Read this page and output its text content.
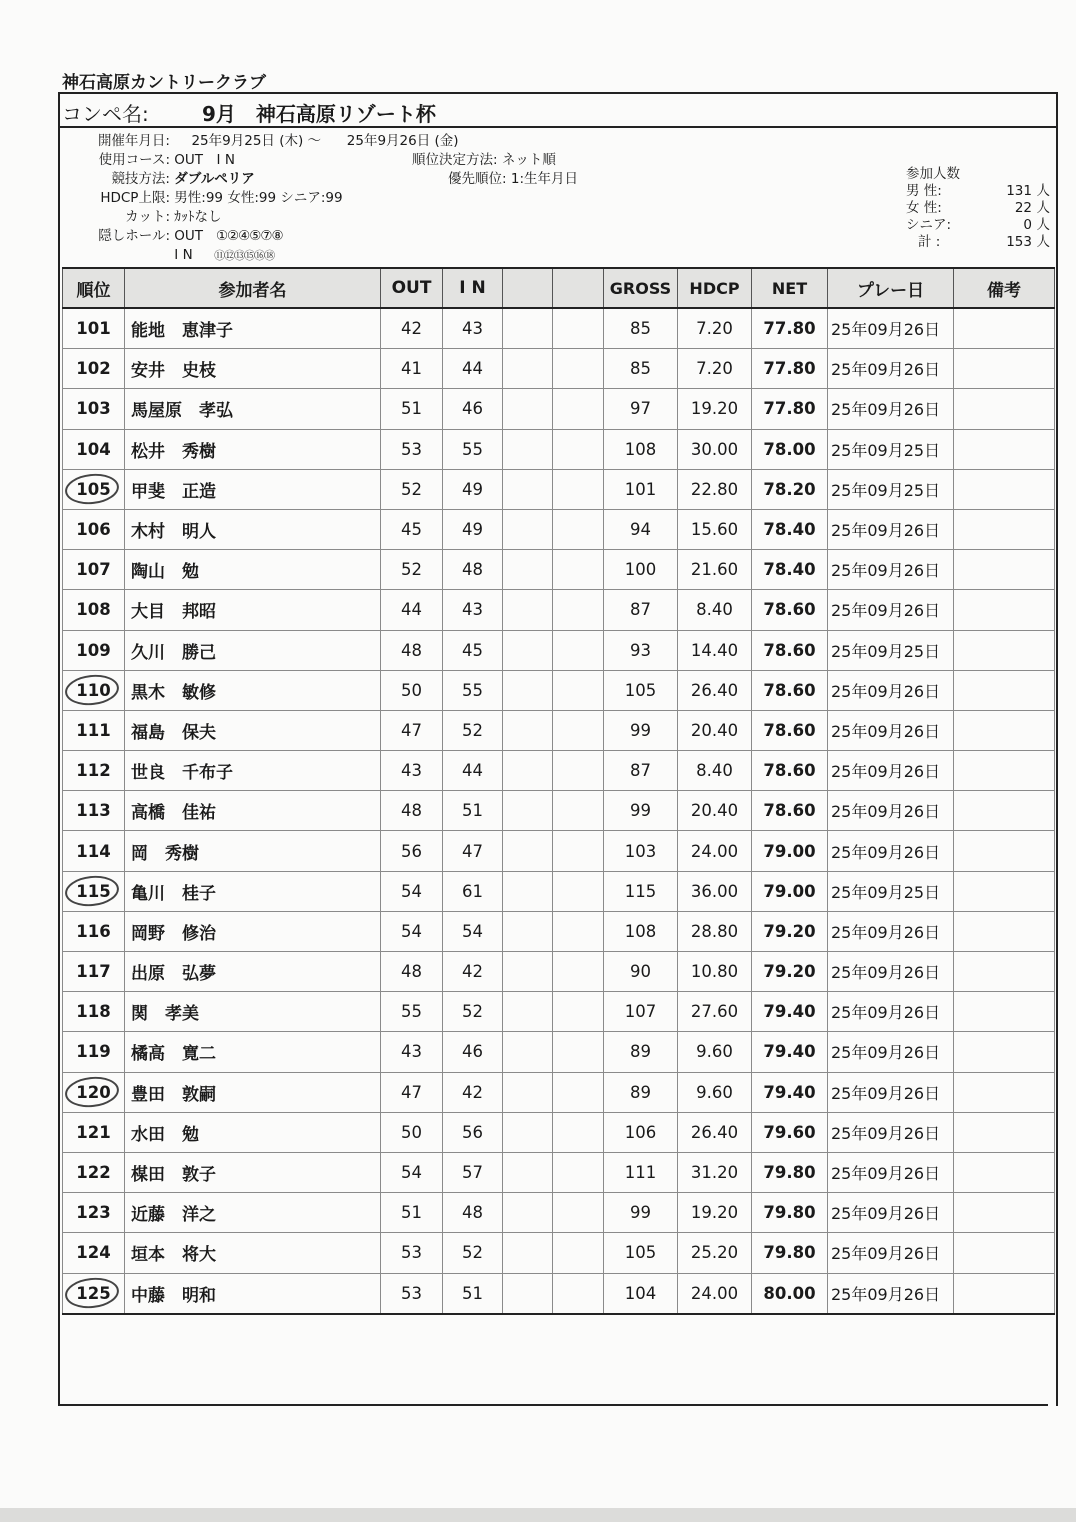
神石高原カントリークラブ
コンペ名:	9月　神石高原リゾート杯
開催年月日: 25年9月25日 (木) ～ 25年9月26日 (金)
使用コース: OUT　I N
競技方法: ダブルペリア
HDCP上限: 男性:99 女性:99 シニア:99
カット: ｶｯﾄなし
隠しホール: OUT ①②④⑤⑦⑧
I N ⑪⑫⑬⑮⑯⑱
順位決定方法: ネット順
優先順位: 1:生年月日	参加人数
男 性:	131 人
女 性:	22 人
シニア:	0 人
計 :	153 人
順位	参加者名	OUT	I N			GROSS	HDCP	NET	プレー日	備考
101	能地　恵津子	42	43			85	7.20	77.80	25年09月26日	
102	安井　史枝	41	44			85	7.20	77.80	25年09月26日	
103	馬屋原　孝弘	51	46			97	19.20	77.80	25年09月26日	
104	松井　秀樹	53	55			108	30.00	78.00	25年09月25日	
105	甲斐　正造	52	49			101	22.80	78.20	25年09月25日	
106	木村　明人	45	49			94	15.60	78.40	25年09月26日	
107	陶山　勉	52	48			100	21.60	78.40	25年09月26日	
108	大目　邦昭	44	43			87	8.40	78.60	25年09月26日	
109	久川　勝己	48	45			93	14.40	78.60	25年09月25日	
110	黒木　敏修	50	55			105	26.40	78.60	25年09月26日	
111	福島　保夫	47	52			99	20.40	78.60	25年09月26日	
112	世良　千布子	43	44			87	8.40	78.60	25年09月26日	
113	高橋　佳祐	48	51			99	20.40	78.60	25年09月26日	
114	岡　秀樹	56	47			103	24.00	79.00	25年09月26日	
115	亀川　桂子	54	61			115	36.00	79.00	25年09月25日	
116	岡野　修治	54	54			108	28.80	79.20	25年09月26日	
117	出原　弘夢	48	42			90	10.80	79.20	25年09月26日	
118	関　孝美	55	52			107	27.60	79.40	25年09月26日	
119	橘高　寛二	43	46			89	9.60	79.40	25年09月26日	
120	豊田　敦嗣	47	42			89	9.60	79.40	25年09月26日	
121	水田　勉	50	56			106	26.40	79.60	25年09月26日	
122	楳田　敦子	54	57			111	31.20	79.80	25年09月26日	
123	近藤　洋之	51	48			99	19.20	79.80	25年09月26日	
124	垣本　将大	53	52			105	25.20	79.80	25年09月26日	
125	中藤　明和	53	51			104	24.00	80.00	25年09月26日	
